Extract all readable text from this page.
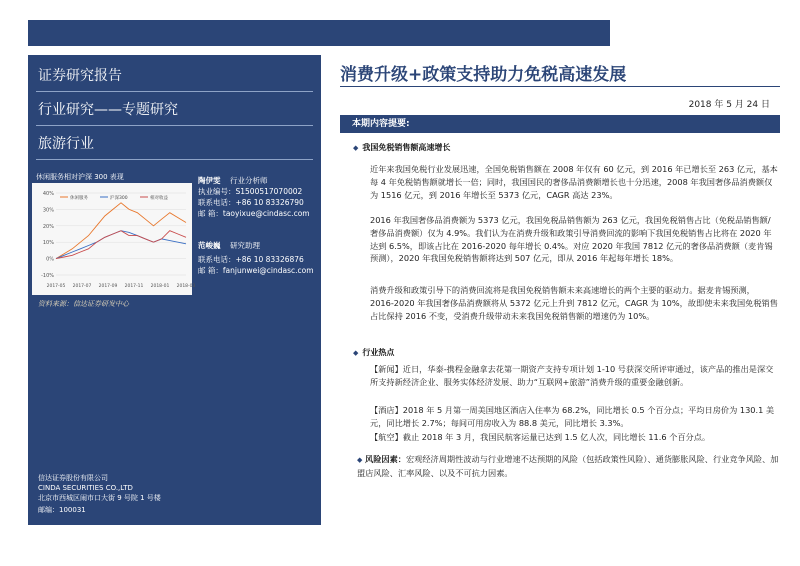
证券研究报告
行业研究——专题研究
旅游行业
休闲服务相对沪深 300 表现
40%
30%
20%
10%
0%
-10%
2017-05 2017-07 2017-09 2017-11 2018-01 2018-03
休闲服务	沪深300	相对收益
资料来源：信达证券研发中心
陶伊雯 行业分析师
执业编号：S1500517070002
联系电话：+86 10 83326790
邮 箱：taoyixue@cindasc.com
范峻巍 研究助理
联系电话：+86 10 83326876
邮 箱：fanjunwei@cindasc.com
信达证券股份有限公司
CINDA SECURITIES CO.,LTD
北京市西城区闹市口大街 9 号院 1 号楼
邮编：100031
消费升级+政策支持助力免税高速发展
2018 年 5 月 24 日
本期内容提要:
◆ 我国免税销售额高速增长
近年来我国免税行业发展迅速，全国免税销售额在 2008 年仅有 60 亿元，到 2016 年已增长至 263 亿元，基本每 4 年免税销售额就增长一倍；同时，我国国民的奢侈品消费额增长也十分迅速，2008 年我国奢侈品消费额仅为 1516 亿元，到 2016 年增长至 5373 亿元，CAGR 高达 23%。
2016 年我国奢侈品消费额为 5373 亿元，我国免税品销售额为 263 亿元，我国免税销售占比（免税品销售额/奢侈品消费额）仅为 4.9%。我们认为在消费升级和政策引导消费回流的影响下我国免税销售占比将在 2020 年达到 6.5%，即该占比在 2016-2020 每年增长 0.4%。对应 2020 年我国 7812 亿元的奢侈品消费额（麦肯锡预测），2020 年我国免税销售额将达到 507 亿元，即从 2016 年起每年增长 18%。
消费升级和政策引导下的消费回流将是我国免税销售额未来高速增长的两个主要的驱动力。据麦肯锡预测，2016-2020 年我国奢侈品消费额将从 5372 亿元上升到 7812 亿元，CAGR 为 10%，故即使未来我国免税销售占比保持 2016 不变，受消费升级带动未来我国免税销售额的增速仍为 10%。
◆ 行业热点
【新闻】近日，华泰-携程金融拿去花第一期资产支持专项计划 1-10 号获深交所评审通过，该产品的推出是深交所支持新经济企业、服务实体经济发展、助力“互联网+旅游”消费升级的重要金融创新。
【酒店】2018 年 5 月第一周美国地区酒店入住率为 68.2%，同比增长 0.5 个百分点；平均日房价为 130.1 美元，同比增长 2.7%；每间可用房收入为 88.8 美元，同比增长 3.3%。
【航空】截止 2018 年 3 月，我国民航客运量已达到 1.5 亿人次，同比增长 11.6 个百分点。
◆ 风险因素：宏观经济周期性波动与行业增速不达预期的风险（包括政策性风险）、通货膨胀风险、行业竞争风险、加盟店风险、汇率风险、以及不可抗力因素。
